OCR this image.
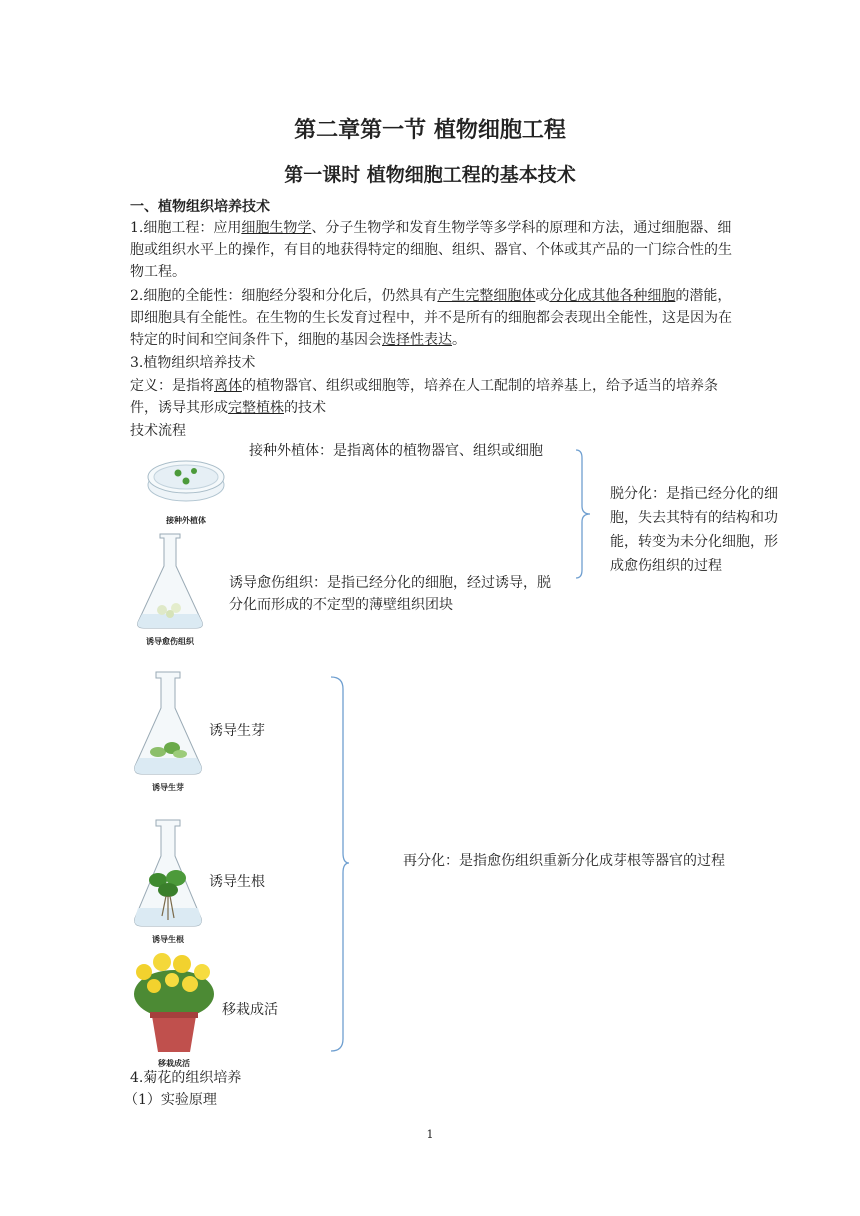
第二章第一节 植物细胞工程
第一课时 植物细胞工程的基本技术
一、植物组织培养技术
1.细胞工程：应用细胞生物学、分子生物学和发育生物学等多学科的原理和方法，通过细胞器、细胞或组织水平上的操作，有目的地获得特定的细胞、组织、器官、个体或其产品的一门综合性的生物工程。
2.细胞的全能性：细胞经分裂和分化后，仍然具有产生完整细胞体或分化成其他各种细胞的潜能，即细胞具有全能性。在生物的生长发育过程中，并不是所有的细胞都会表现出全能性，这是因为在特定的时间和空间条件下，细胞的基因会选择性表达。
3.植物组织培养技术
定义：是指将离体的植物器官、组织或细胞等，培养在人工配制的培养基上，给予适当的培养条件，诱导其形成完整植株的技术
技术流程
接种外植体：是指离体的植物器官、组织或细胞
诱导愈伤组织：是指已经分化的细胞，经过诱导，脱分化而形成的不定型的薄壁组织团块
脱分化：是指已经分化的细胞，失去其特有的结构和功能，转变为未分化细胞，形成愈伤组织的过程
诱导生芽
诱导生根
移栽成活
再分化：是指愈伤组织重新分化成芽根等器官的过程
接种外植体
诱导愈伤组织
诱导生芽
诱导生根
移栽成活
4.菊花的组织培养
（1）实验原理
1
